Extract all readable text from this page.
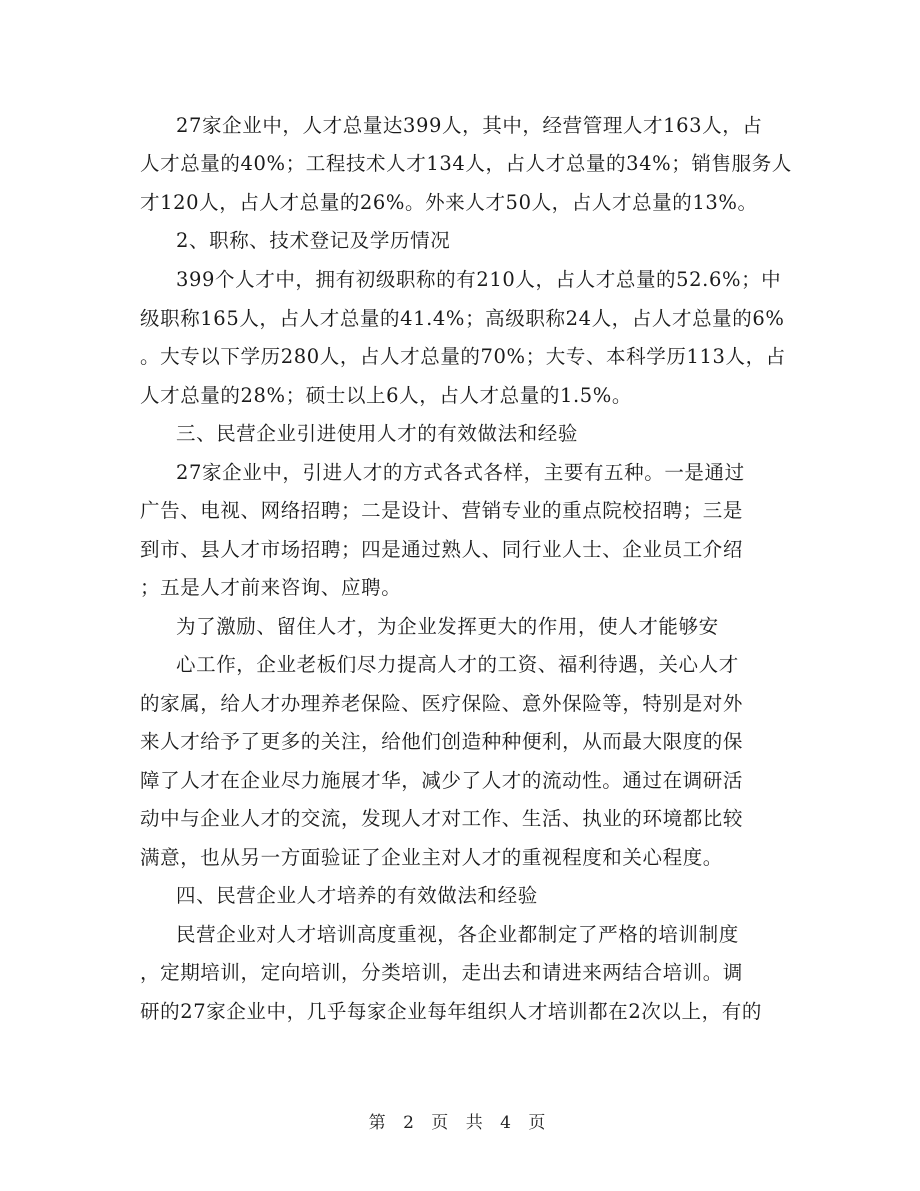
27家企业中，人才总量达399人，其中，经营管理人才163人，占
人才总量的40%；工程技术人才134人，占人才总量的34%；销售服务人
才120人，占人才总量的26%。外来人才50人，占人才总量的13%。
2、职称、技术登记及学历情况
399个人才中，拥有初级职称的有210人，占人才总量的52.6%；中
级职称165人，占人才总量的41.4%；高级职称24人，占人才总量的6%
。大专以下学历280人，占人才总量的70%；大专、本科学历113人，占
人才总量的28%；硕士以上6人，占人才总量的1.5%。
三、民营企业引进使用人才的有效做法和经验
27家企业中，引进人才的方式各式各样，主要有五种。一是通过
广告、电视、网络招聘；二是设计、营销专业的重点院校招聘；三是
到市、县人才市场招聘；四是通过熟人、同行业人士、企业员工介绍
；五是人才前来咨询、应聘。
为了激励、留住人才，为企业发挥更大的作用，使人才能够安
心工作，企业老板们尽力提高人才的工资、福利待遇，关心人才
的家属，给人才办理养老保险、医疗保险、意外保险等，特别是对外
来人才给予了更多的关注，给他们创造种种便利，从而最大限度的保
障了人才在企业尽力施展才华，减少了人才的流动性。通过在调研活
动中与企业人才的交流，发现人才对工作、生活、执业的环境都比较
满意，也从另一方面验证了企业主对人才的重视程度和关心程度。
四、民营企业人才培养的有效做法和经验
民营企业对人才培训高度重视，各企业都制定了严格的培训制度
，定期培训，定向培训，分类培训，走出去和请进来两结合培训。调
研的27家企业中，几乎每家企业每年组织人才培训都在2次以上，有的
第 2 页 共 4 页
